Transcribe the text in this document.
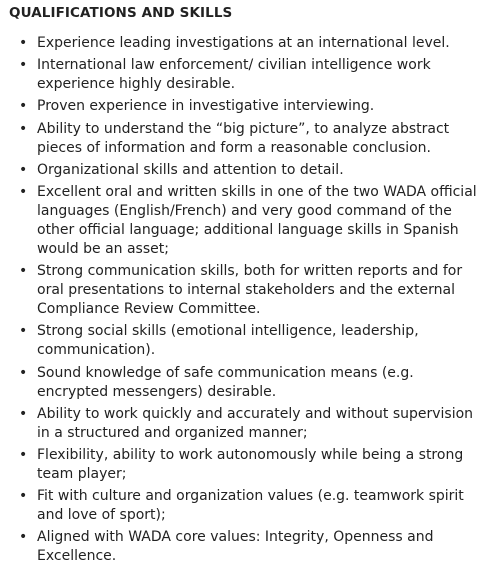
QUALIFICATIONS AND SKILLS
• Experience leading investigations at an international level.
• International law enforcement/ civilian intelligence work experience highly desirable.
• Proven experience in investigative interviewing.
• Ability to understand the “big picture”, to analyze abstract pieces of information and form a reasonable conclusion.
• Organizational skills and attention to detail.
• Excellent oral and written skills in one of the two WADA official languages (English/French) and very good command of the other official language; additional language skills in Spanish would be an asset;
• Strong communication skills, both for written reports and for oral presentations to internal stakeholders and the external Compliance Review Committee.
• Strong social skills (emotional intelligence, leadership, communication).
• Sound knowledge of safe communication means (e.g. encrypted messengers) desirable.
• Ability to work quickly and accurately and without supervision in a structured and organized manner;
• Flexibility, ability to work autonomously while being a strong team player;
• Fit with culture and organization values (e.g. teamwork spirit and love of sport);
• Aligned with WADA core values: Integrity, Openness and Excellence.
